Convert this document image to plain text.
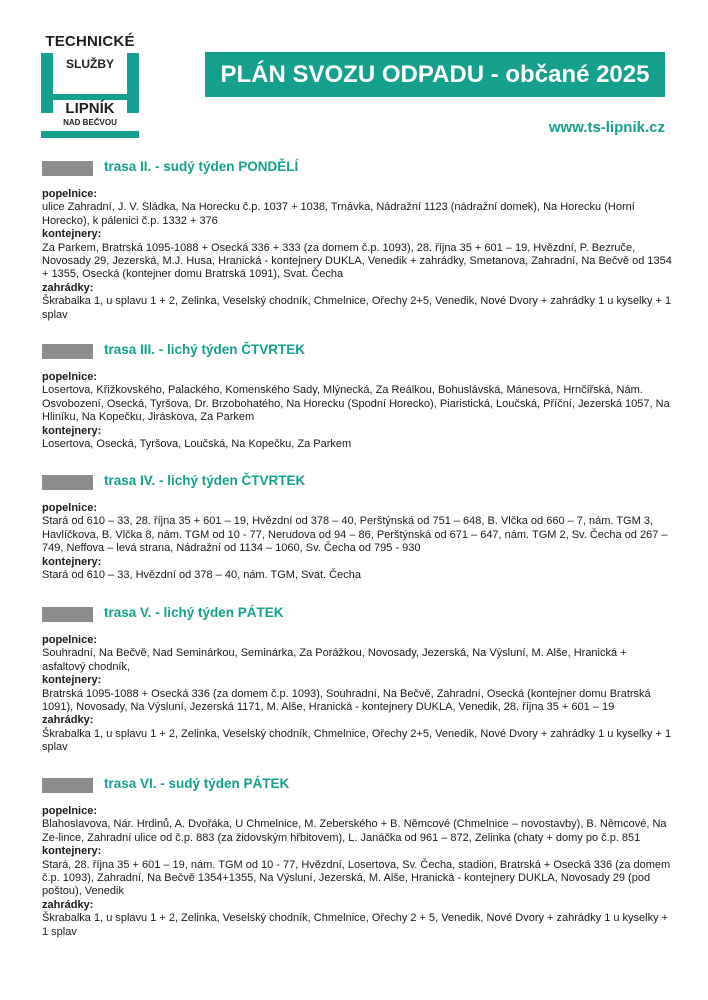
TECHNICKÉ
SLUŽBY
LIPNÍK
NAD BEČVOU
PLÁN SVOZU ODPADU - občané 2025
www.ts-lipnik.cz
trasa II. - sudý týden PONDĚLÍ
popelnice:
ulice Zahradní, J. V. Sládka, Na Horecku č.p. 1037 + 1038, Trnávka, Nádražní 1123 (nádražní domek), Na Horecku (Horní Horecko), k pálenici č.p. 1332 + 376
kontejnery:
Za Parkem, Bratrská 1095-1088 + Osecká 336 + 333 (za domem č.p. 1093), 28. října 35 + 601 – 19, Hvězdní, P. Bezruče, Novosady 29, Jezerská, M.J. Husa, Hranická - kontejnery DUKLA, Venedik + zahrádky, Smetanova, Zahradní, Na Bečvě od 1354 + 1355, Osecká (kontejner domu Bratrská 1091), Svat. Čecha
zahrádky:
Škrabalka 1, u splavu 1 + 2, Zelinka, Veselský chodník, Chmelnice, Ořechy 2+5, Venedik, Nové Dvory + zahrádky 1 u kyselky + 1 splav
trasa III. - lichý týden ČTVRTEK
popelnice:
Losertova, Křižkovského, Palackého, Komenského Sady, Mlýnecká, Za Reálkou, Bohuslávská, Mánesova, Hrnčířská, Nám. Osvobození, Osecká, Tyršova, Dr. Brzobohatého, Na Horecku (Spodní Horecko), Piaristická, Loučská, Příční, Jezerská 1057, Na Hliníku, Na Kopečku, Jiráskova, Za Parkem
kontejnery:
Losertova, Osecká, Tyršova, Loučská, Na Kopečku, Za Parkem
trasa IV. - lichý týden ČTVRTEK
popelnice:
Stará od 610 – 33, 28. října 35 + 601 – 19, Hvězdní od 378 – 40, Perštýnská od 751 – 648, B. Vlčka od 660 – 7, nám. TGM 3, Havlíčkova, B. Vlčka 8, nám. TGM od 10 - 77, Nerudova od 94 – 86, Perštýnská od 671 – 647, nám. TGM 2, Sv. Čecha od 267 – 749, Neffova – levá strana, Nádražní od 1134 – 1060, Sv. Čecha od 795 - 930
kontejnery:
Stará od 610 – 33, Hvězdní od 378 – 40, nám. TGM, Svat. Čecha
trasa V. - lichý týden PÁTEK
popelnice:
Souhradní, Na Bečvě, Nad Seminárkou, Seminárka, Za Porážkou, Novosady, Jezerská, Na Výsluní, M. Alše, Hranická + asfaltový chodník,
kontejnery:
Bratrská 1095-1088 + Osecká 336 (za domem č.p. 1093), Souhradní, Na Bečvě, Zahradní, Osecká (kontejner domu Bratrská 1091), Novosady, Na Výsluní, Jezerská 1171, M. Alše, Hranická - kontejnery DUKLA, Venedik, 28. října 35 + 601 – 19
zahrádky:
Škrabalka 1, u splavu 1 + 2, Zelinka, Veselský chodník, Chmelnice, Ořechy 2+5, Venedik, Nové Dvory + zahrádky 1 u kyselky + 1 splav
trasa VI. - sudý týden PÁTEK
popelnice:
Blahoslavova, Nár. Hrdinů, A. Dvořáka, U Chmelnice, M. Zeberského + B. Němcové (Chmelnice – novostavby), B. Němcové, Na Ze-lince, Zahradní ulice od č.p. 883 (za židovským hřbitovem), L. Janáčka od 961 – 872, Zelinka (chaty + domy po č.p. 851
kontejnery:
Stará, 28. října 35 + 601 – 19, nám. TGM od 10 - 77, Hvězdní, Losertova, Sv. Čecha, stadion, Bratrská + Osecká 336 (za domem č.p. 1093), Zahradní, Na Bečvě 1354+1355, Na Výsluní, Jezerská, M. Alše, Hranická - kontejnery DUKLA, Novosady 29 (pod poštou), Venedik
zahrádky:
Škrabalka 1, u splavu 1 + 2, Zelinka, Veselský chodník, Chmelnice, Ořechy 2 + 5, Venedik, Nové Dvory + zahrádky 1 u kyselky + 1 splav
